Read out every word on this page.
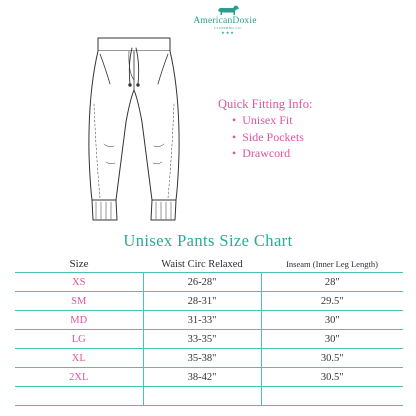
AmericanDoxie
CLOTHING CO.
★★★
Quick Fitting Info:
• Unisex Fit
• Side Pockets
• Drawcord
Unisex Pants Size Chart
Size	Waist Circ Relaxed	Inseam (Inner Leg Length)
XS	26-28"	28"
SM	28-31"	29.5"
MD	31-33"	30"
LG	33-35"	30"
XL	35-38"	30.5"
2XL	38-42"	30.5"
